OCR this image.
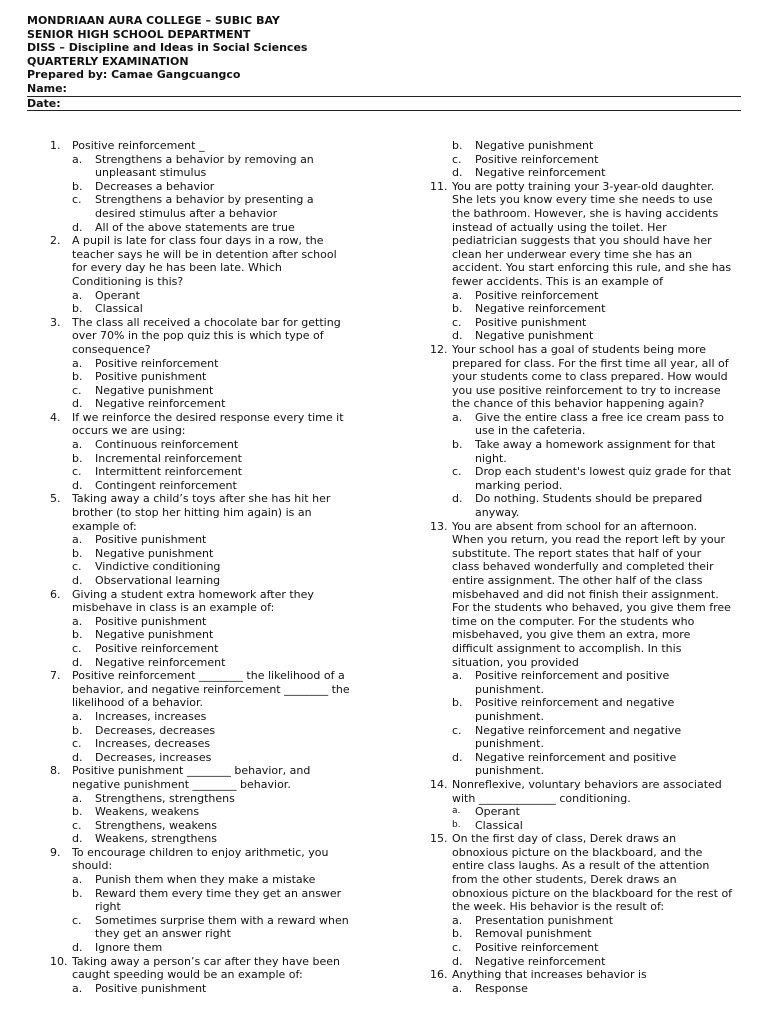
MONDRIAAN AURA COLLEGE – SUBIC BAY
SENIOR HIGH SCHOOL DEPARTMENT
DISS – Discipline and Ideas in Social Sciences
QUARTERLY EXAMINATION
Prepared by: Camae Gangcuangco
Name:
Date:
1. Positive reinforcement _
a. Strengthens a behavior by removing an
unpleasant stimulus
b. Decreases a behavior
c. Strengthens a behavior by presenting a
desired stimulus after a behavior
d. All of the above statements are true
2. A pupil is late for class four days in a row, the
teacher says he will be in detention after school
for every day he has been late. Which
Conditioning is this?
a. Operant
b. Classical
3. The class all received a chocolate bar for getting
over 70% in the pop quiz this is which type of
consequence?
a. Positive reinforcement
b. Positive punishment
c. Negative punishment
d. Negative reinforcement
4. If we reinforce the desired response every time it
occurs we are using:
a. Continuous reinforcement
b. Incremental reinforcement
c. Intermittent reinforcement
d. Contingent reinforcement
5. Taking away a child’s toys after she has hit her
brother (to stop her hitting him again) is an
example of:
a. Positive punishment
b. Negative punishment
c. Vindictive conditioning
d. Observational learning
6. Giving a student extra homework after they
misbehave in class is an example of:
a. Positive punishment
b. Negative punishment
c. Positive reinforcement
d. Negative reinforcement
7. Positive reinforcement ________ the likelihood of a
behavior, and negative reinforcement ________ the
likelihood of a behavior.
a. Increases, increases
b. Decreases, decreases
c. Increases, decreases
d. Decreases, increases
8. Positive punishment ________ behavior, and
negative punishment ________ behavior.
a. Strengthens, strengthens
b. Weakens, weakens
c. Strengthens, weakens
d. Weakens, strengthens
9. To encourage children to enjoy arithmetic, you
should:
a. Punish them when they make a mistake
b. Reward them every time they get an answer
right
c. Sometimes surprise them with a reward when
they get an answer right
d. Ignore them
10. Taking away a person’s car after they have been
caught speeding would be an example of:
a. Positive punishment
b. Negative punishment
c. Positive reinforcement
d. Negative reinforcement
11. You are potty training your 3-year-old daughter.
She lets you know every time she needs to use
the bathroom. However, she is having accidents
instead of actually using the toilet. Her
pediatrician suggests that you should have her
clean her underwear every time she has an
accident. You start enforcing this rule, and she has
fewer accidents. This is an example of
a. Positive reinforcement
b. Negative reinforcement
c. Positive punishment
d. Negative punishment
12. Your school has a goal of students being more
prepared for class. For the first time all year, all of
your students come to class prepared. How would
you use positive reinforcement to try to increase
the chance of this behavior happening again?
a. Give the entire class a free ice cream pass to
use in the cafeteria.
b. Take away a homework assignment for that
night.
c. Drop each student's lowest quiz grade for that
marking period.
d. Do nothing. Students should be prepared
anyway.
13. You are absent from school for an afternoon.
When you return, you read the report left by your
substitute. The report states that half of your
class behaved wonderfully and completed their
entire assignment. The other half of the class
misbehaved and did not finish their assignment.
For the students who behaved, you give them free
time on the computer. For the students who
misbehaved, you give them an extra, more
difficult assignment to accomplish. In this
situation, you provided
a. Positive reinforcement and positive
punishment.
b. Positive reinforcement and negative
punishment.
c. Negative reinforcement and negative
punishment.
d. Negative reinforcement and positive
punishment.
14. Nonreflexive, voluntary behaviors are associated
with ______________ conditioning.
a. Operant
b. Classical
15. On the first day of class, Derek draws an
obnoxious picture on the blackboard, and the
entire class laughs. As a result of the attention
from the other students, Derek draws an
obnoxious picture on the blackboard for the rest of
the week. His behavior is the result of:
a. Presentation punishment
b. Removal punishment
c. Positive reinforcement
d. Negative reinforcement
16. Anything that increases behavior is
a. Response
